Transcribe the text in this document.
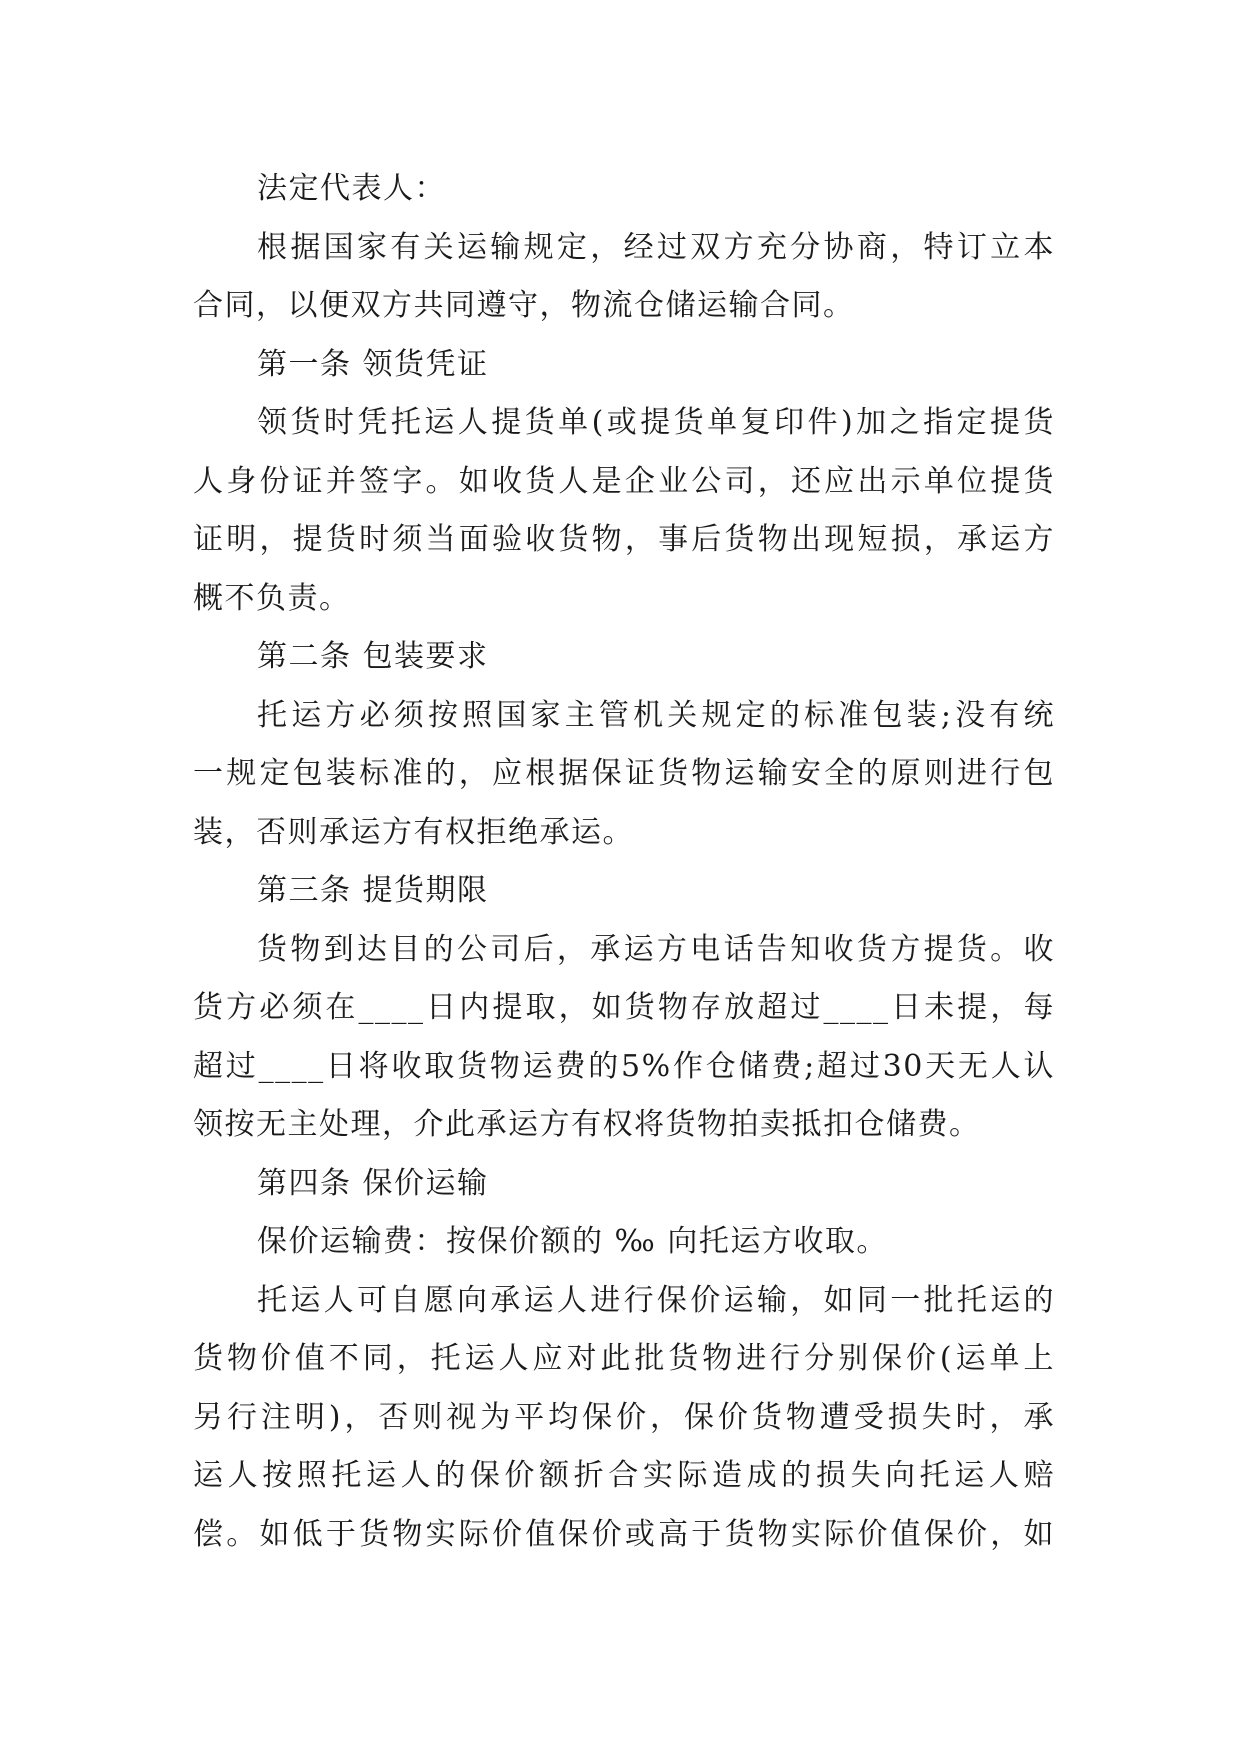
法定代表人：
根据国家有关运输规定，经过双方充分协商，特订立本
合同，以便双方共同遵守，物流仓储运输合同。
第一条 领货凭证
领货时凭托运人提货单(或提货单复印件)加之指定提货
人身份证并签字。如收货人是企业公司，还应出示单位提货
证明，提货时须当面验收货物，事后货物出现短损，承运方
概不负责。
第二条 包装要求
托运方必须按照国家主管机关规定的标准包装;没有统
一规定包装标准的，应根据保证货物运输安全的原则进行包
装，否则承运方有权拒绝承运。
第三条 提货期限
货物到达目的公司后，承运方电话告知收货方提货。收
货方必须在____日内提取，如货物存放超过____日未提，每
超过____日将收取货物运费的5%作仓储费;超过30天无人认
领按无主处理，介此承运方有权将货物拍卖抵扣仓储费。
第四条 保价运输
保价运输费：按保价额的 ‰ 向托运方收取。
托运人可自愿向承运人进行保价运输，如同一批托运的
货物价值不同，托运人应对此批货物进行分别保价(运单上
另行注明)，否则视为平均保价，保价货物遭受损失时，承
运人按照托运人的保价额折合实际造成的损失向托运人赔
偿。如低于货物实际价值保价或高于货物实际价值保价，如
